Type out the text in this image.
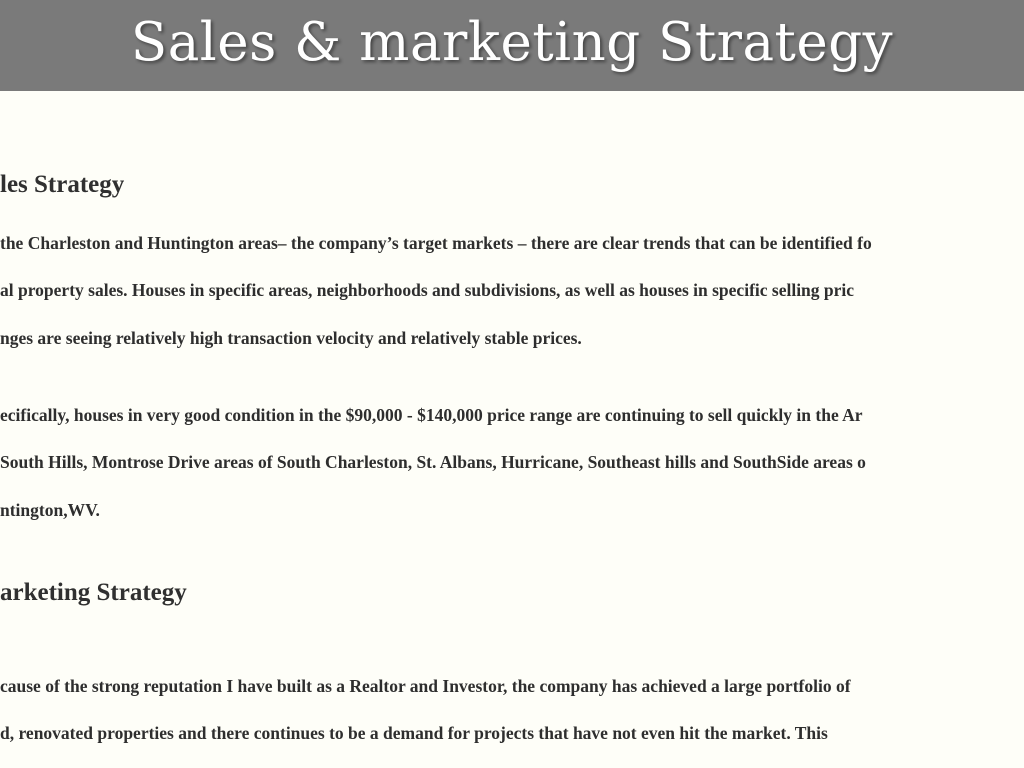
Sales & marketing Strategy
les Strategy
the Charleston and Huntington areas– the company’s target markets – there are clear trends that can be identified fo
al property sales. Houses in specific areas, neighborhoods and subdivisions, as well as houses in specific selling pric
nges are seeing relatively high transaction velocity and relatively stable prices.
ecifically, houses in very good condition in the $90,000 - $140,000 price range are continuing to sell quickly in the Ar
South Hills, Montrose Drive areas of South Charleston, St. Albans, Hurricane, Southeast hills and SouthSide areas o
ntington,WV.
arketing Strategy
cause of the strong reputation I have built as a Realtor and Investor, the company has achieved a large portfolio of
d, renovated properties and there continues to be a demand for projects that have not even hit the market. This
